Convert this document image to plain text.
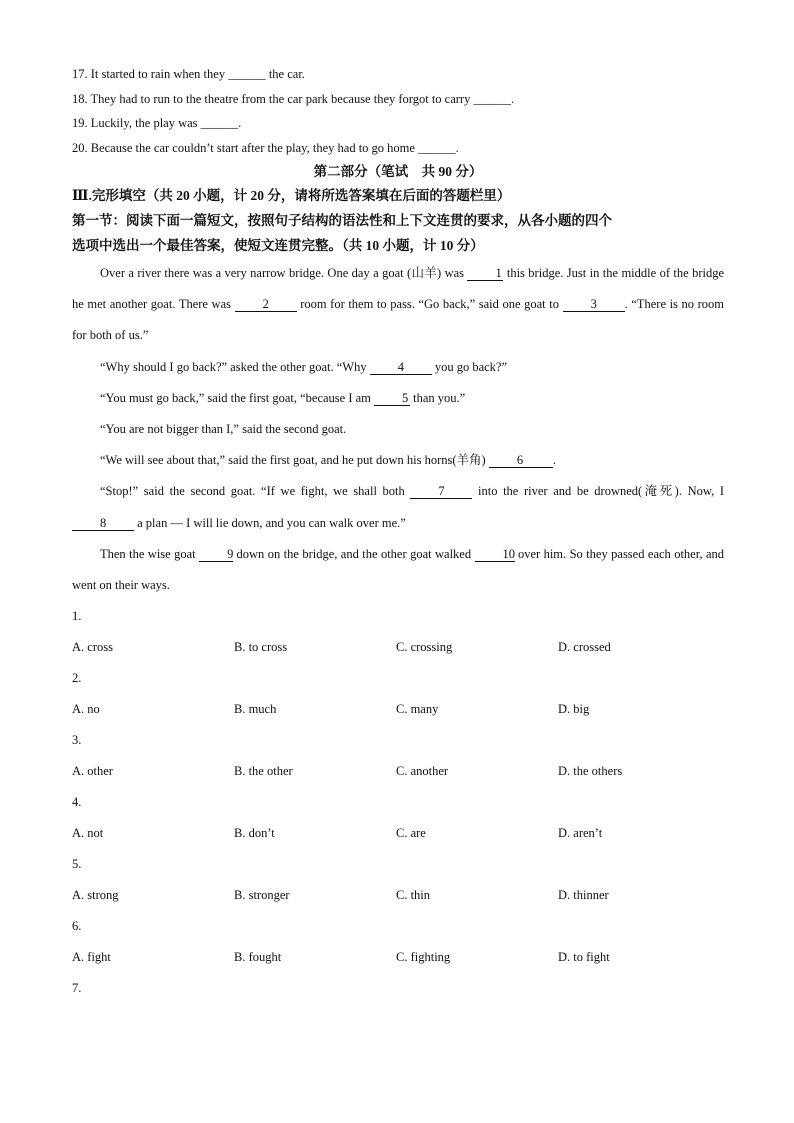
17. It started to rain when they ______ the car.
18. They had to run to the theatre from the car park because they forgot to carry ______.
19. Luckily, the play was ______.
20. Because the car couldn’t start after the play, they had to go home ______.
第二部分（笔试　共 90 分）
Ⅲ.完形填空（共 20 小题，计 20 分，请将所选答案填在后面的答题栏里）
第一节：阅读下面一篇短文，按照句子结构的语法性和上下文连贯的要求，从各小题的四个
选项中选出一个最佳答案，使短文连贯完整。（共 10 小题，计 10 分）
Over a river there was a very narrow bridge. One day a goat (山羊) was 1 this bridge. Just in the middle of the bridge he met another goat. There was 2 room for them to pass. “Go back,” said one goat to 3 . “There is no room for both of us.”
“Why should I go back?” asked the other goat. “Why 4 you go back?”
“You must go back,” said the first goat, “because I am 5 than you.”
“You are not bigger than I,” said the second goat.
“We will see about that,” said the first goat, and he put down his horns(羊角) 6 .
“Stop!” said the second goat. “If we fight, we shall both 7 into the river and be drowned(淹死). Now, I 8 a plan — I will lie down, and you can walk over me.”
Then the wise goat 9 down on the bridge, and the other goat walked 10 over him. So they passed each other, and went on their ways.
1.
A. cross	B. to cross	C. crossing	D. crossed
2.
A. no	B. much	C. many	D. big
3.
A. other	B. the other	C. another	D. the others
4.
A. not	B. don’t	C. are	D. aren’t
5.
A. strong	B. stronger	C. thin	D. thinner
6.
A. fight	B. fought	C. fighting	D. to fight
7.
